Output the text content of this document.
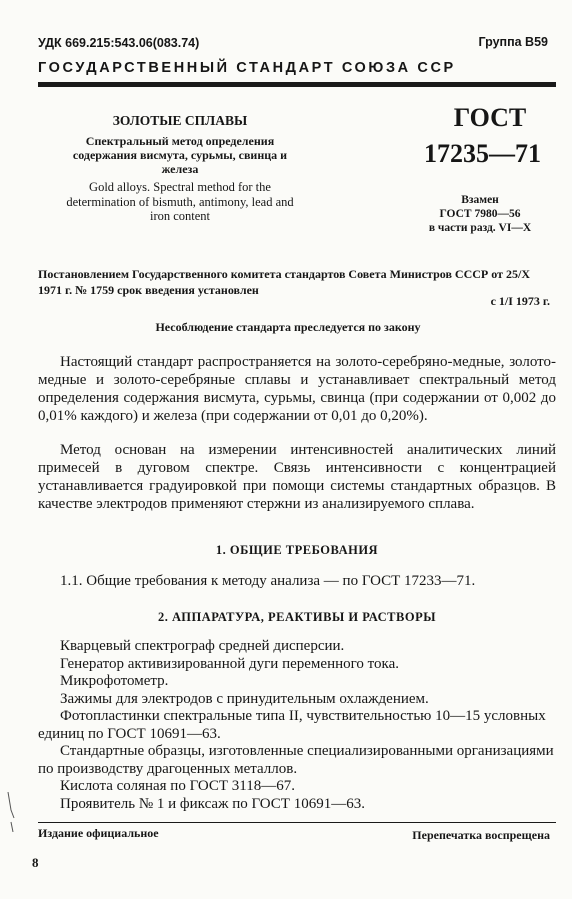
УДК 669.215:543.06(083.74)	Группа В59
ГОСУДАРСТВЕННЫЙ СТАНДАРТ СОЮЗА ССР
ЗОЛОТЫЕ СПЛАВЫ
Спектральный метод определения содержания висмута, сурьмы, свинца и железа
Gold alloys. Spectral method for the determination of bismuth, antimony, lead and iron content
ГОСТ
17235—71
Взамен
ГОСТ 7980—56
в части разд. VI—X
Постановлением Государственного комитета стандартов Совета Министров СССР от 25/X 1971 г. № 1759 срок введения установлен
с 1/I 1973 г.
Несоблюдение стандарта преследуется по закону
Настоящий стандарт распространяется на золото-серебряно-медные, золото-медные и золото-серебряные сплавы и устанавливает спектральный метод определения содержания висмута, сурьмы, свинца (при содержании от 0,002 до 0,01% каждого) и железа (при содержании от 0,01 до 0,20%).
Метод основан на измерении интенсивностей аналитических линий примесей в дуговом спектре. Связь интенсивности с концентрацией устанавливается градуировкой при помощи системы стандартных образцов. В качестве электродов применяют стержни из анализируемого сплава.
1. ОБЩИЕ ТРЕБОВАНИЯ
1.1. Общие требования к методу анализа — по ГОСТ 17233—71.
2. АППАРАТУРА, РЕАКТИВЫ И РАСТВОРЫ
Кварцевый спектрограф средней дисперсии.
Генератор активизированной дуги переменного тока.
Микрофотометр.
Зажимы для электродов с принудительным охлаждением.
Фотопластинки спектральные типа II, чувствительностью 10—15 условных единиц по ГОСТ 10691—63.
Стандартные образцы, изготовленные специализированными организациями по производству драгоценных металлов.
Кислота соляная по ГОСТ 3118—67.
Проявитель № 1 и фиксаж по ГОСТ 10691—63.
Издание официальное	Перепечатка воспрещена
8
